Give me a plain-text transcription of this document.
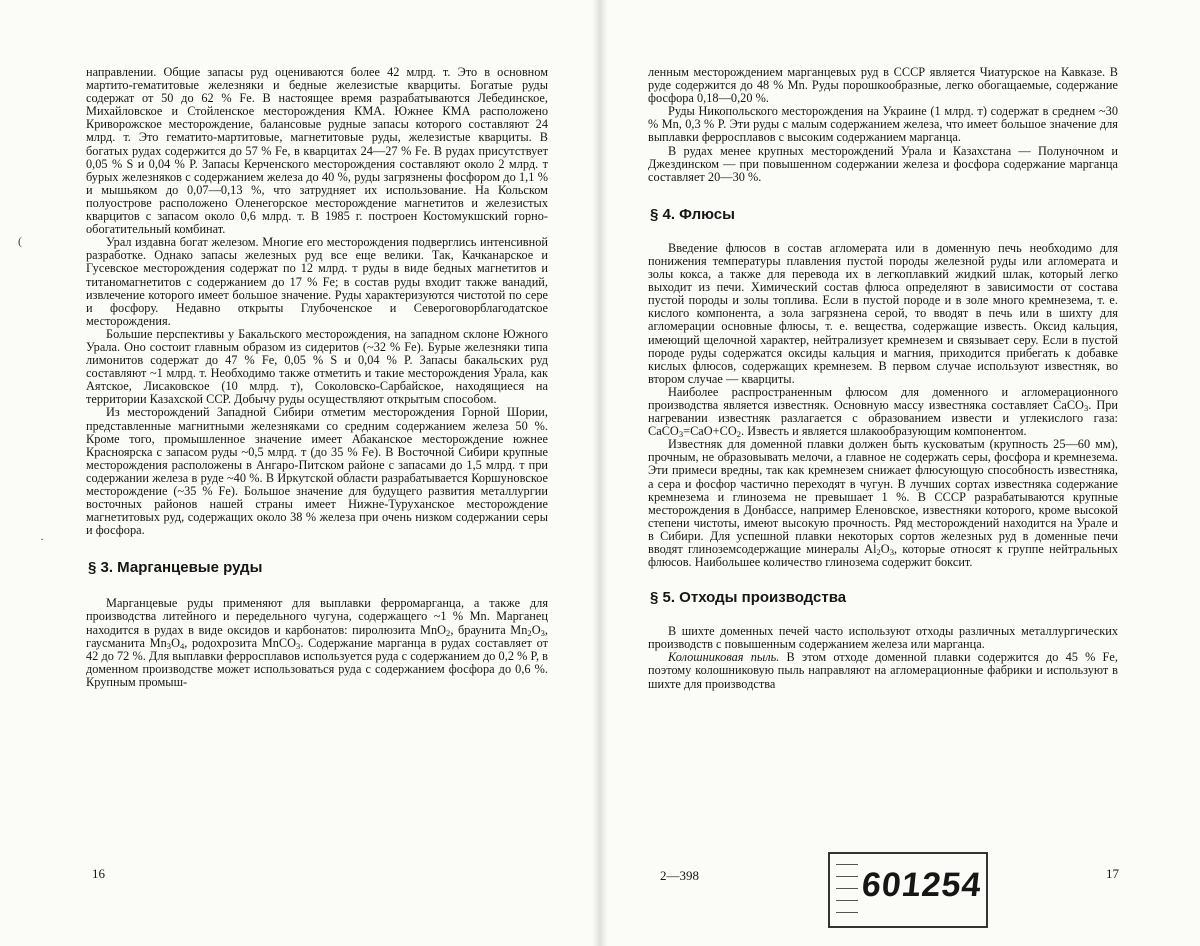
направлении. Общие запасы руд оцениваются более 42 млрд. т. Это в основном мартито-гематитовые железняки и бедные железистые кварциты. Богатые руды содержат от 50 до 62 % Fe. В настоящее время разрабатываются Лебединское, Михайловское и Стойленское месторождения КМА. Южнее КМА расположено Криворожское месторождение, балансовые рудные запасы которого составляют 24 млрд. т. Это гематито-мартитовые, магнетитовые руды, железистые кварциты. В богатых рудах содержится до 57 % Fe, в кварцитах 24—27 % Fe. В рудах присутствует 0,05 % S и 0,04 % P. Запасы Керченского месторождения составляют около 2 млрд. т бурых железняков с содержанием железа до 40 %, руды загрязнены фосфором до 1,1 % и мышьяком до 0,07—0,13 %, что затрудняет их использование. На Кольском полуострове расположено Оленегорское месторождение магнетитов и железистых кварцитов с запасом около 0,6 млрд. т. В 1985 г. построен Костомукшский горно-обогатительный комбинат.

Урал издавна богат железом. Многие его месторождения подверглись интенсивной разработке. Однако запасы железных руд все еще велики. Так, Качканарское и Гусевское месторождения содержат по 12 млрд. т руды в виде бедных магнетитов и титаномагнетитов с содержанием до 17 % Fe; в состав руды входит также ванадий, извлечение которого имеет большое значение. Руды характеризуются чистотой по сере и фосфору. Недавно открыты Глубоченское и Североговорблагодатское месторождения.

Большие перспективы у Бакальского месторождения, на западном склоне Южного Урала. Оно состоит главным образом из сидеритов (~32 % Fe). Бурые железняки типа лимонитов содержат до 47 % Fe, 0,05 % S и 0,04 % P. Запасы бакальских руд составляют ~1 млрд. т. Необходимо также отметить и такие месторождения Урала, как Аятское, Лисаковское (10 млрд. т), Соколовско-Сарбайское, находящиеся на территории Казахской ССР. Добычу руды осуществляют открытым способом.

Из месторождений Западной Сибири отметим месторождения Горной Шории, представленные магнитными железняками со средним содержанием железа 50 %. Кроме того, промышленное значение имеет Абаканское месторождение южнее Красноярска с запасом руды ~0,5 млрд. т (до 35 % Fe). В Восточной Сибири крупные месторождения расположены в Ангаро-Питском районе с запасами до 1,5 млрд. т при содержании железа в руде ~40 %. В Иркутской области разрабатывается Коршуновское месторождение (~35 % Fe). Большое значение для будущего развития металлургии восточных районов нашей страны имеет Нижне-Туруханское месторождение магнетитовых руд, содержащих около 38 % железа при очень низком содержании серы и фосфора.

§ 3. Марганцевые руды

Марганцевые руды применяют для выплавки ферромарганца, а также для производства литейного и передельного чугуна, содержащего ~1 % Mn. Марганец находится в рудах в виде оксидов и карбонатов: пиролюзита MnO$_2$, браунита $Mn_2O_3$, гаусманита $Mn_3O_4$, родохрозита MnCO$_3$. Содержание марганца в рудах составляет от 42 до 72 %. Для выплавки ферросплавов используется руда с содержанием до 0,2 % P, в доменном производстве может использоваться руда с содержанием фосфора до 0,6 %. Крупным промыш-

16
(
·

ленным месторождением марганцевых руд в СССР является Чиатурское на Кавказе. В руде содержится до 48 % Mn. Руды порошкообразные, легко обогащаемые, содержание фосфора 0,18—0,20 %.

Руды Никопольского месторождения на Украине (1 млрд. т) содержат в среднем ~30 % Mn, 0,3 % P. Эти руды с малым содержанием железа, что имеет большое значение для выплавки ферросплавов с высоким содержанием марганца.

В рудах менее крупных месторождений Урала и Казахстана — Полуночном и Джездинском — при повышенном содержании железа и фосфора содержание марганца составляет 20—30 %.

§ 4. Флюсы

Введение флюсов в состав агломерата или в доменную печь необходимо для понижения температуры плавления пустой породы железной руды или агломерата и золы кокса, а также для перевода их в легкоплавкий жидкий шлак, который легко выходит из печи. Химический состав флюса определяют в зависимости от состава пустой породы и золы топлива. Если в пустой породе и в золе много кремнезема, т. е. кислого компонента, а зола загрязнена серой, то вводят в печь или в шихту для агломерации основные флюсы, т. е. вещества, содержащие известь. Оксид кальция, имеющий щелочной характер, нейтрализует кремнезем и связывает серу. Если в пустой породе руды содержатся оксиды кальция и магния, приходится прибегать к добавке кислых флюсов, содержащих кремнезем. В первом случае используют известняк, во втором случае — кварциты.

Наиболее распространенным флюсом для доменного и агломерационного производства является известняк. Основную массу известняка составляет CaCO$_3$. При нагревании известняк разлагается с образованием извести и углекислого газа: $CaCO_3=CaO+CO_2$. Известь и является шлакообразующим компонентом.

Известняк для доменной плавки должен быть кусковатым (крупность 25—60 мм), прочным, не образовывать мелочи, а главное не содержать серы, фосфора и кремнезема. Эти примеси вредны, так как кремнезем снижает флюсующую способность известняка, а сера и фосфор частично переходят в чугун. В лучших сортах известняка содержание кремнезема и глинозема не превышает 1 %. В СССР разрабатываются крупные месторождения в Донбассе, например Еленовское, известняки которого, кроме высокой степени чистоты, имеют высокую прочность. Ряд месторождений находится на Урале и в Сибири. Для успешной плавки некоторых сортов железных руд в доменные печи вводят глиноземсодержащие минералы $Al_2O_3$, которые относят к группе нейтральных флюсов. Наибольшее количество глинозема содержит боксит.

§ 5. Отходы производства

В шихте доменных печей часто используют отходы различных металлургических производств с повышенным содержанием железа или марганца.

Колошниковая пыль. В этом отходе доменной плавки содержится до 45 % Fe, поэтому колошниковую пыль направляют на агломерационные фабрики и используют в шихте для производства

2—398	17
601254
